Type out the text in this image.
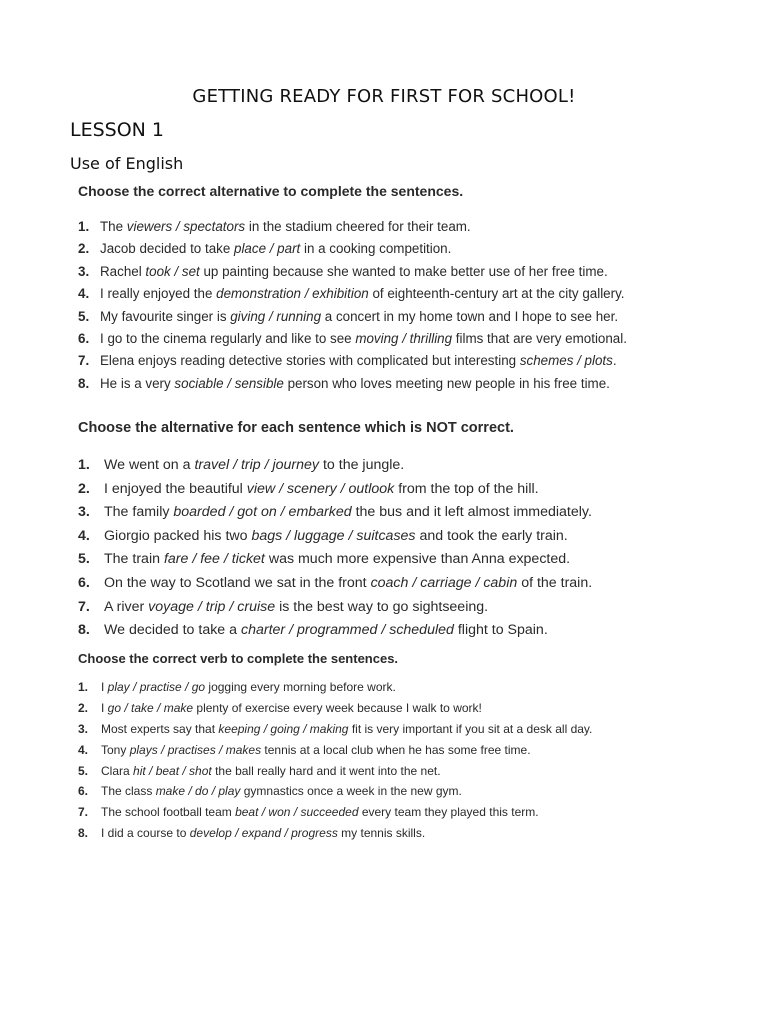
GETTING READY FOR FIRST FOR SCHOOL!
LESSON 1
Use of English
Choose the correct alternative to complete the sentences.
1. The viewers / spectators in the stadium cheered for their team.
2. Jacob decided to take place / part in a cooking competition.
3. Rachel took / set up painting because she wanted to make better use of her free time.
4. I really enjoyed the demonstration / exhibition of eighteenth-century art at the city gallery.
5. My favourite singer is giving / running a concert in my home town and I hope to see her.
6. I go to the cinema regularly and like to see moving / thrilling films that are very emotional.
7. Elena enjoys reading detective stories with complicated but interesting schemes / plots.
8. He is a very sociable / sensible person who loves meeting new people in his free time.
Choose the alternative for each sentence which is NOT correct.
1. We went on a travel / trip / journey to the jungle.
2. I enjoyed the beautiful view / scenery / outlook from the top of the hill.
3. The family boarded / got on / embarked the bus and it left almost immediately.
4. Giorgio packed his two bags / luggage / suitcases and took the early train.
5. The train fare / fee / ticket was much more expensive than Anna expected.
6. On the way to Scotland we sat in the front coach / carriage / cabin of the train.
7. A river voyage / trip / cruise is the best way to go sightseeing.
8. We decided to take a charter / programmed / scheduled flight to Spain.
Choose the correct verb to complete the sentences.
1. I play / practise / go jogging every morning before work.
2. I go / take / make plenty of exercise every week because I walk to work!
3. Most experts say that keeping / going / making fit is very important if you sit at a desk all day.
4. Tony plays / practises / makes tennis at a local club when he has some free time.
5. Clara hit / beat / shot the ball really hard and it went into the net.
6. The class make / do / play gymnastics once a week in the new gym.
7. The school football team beat / won / succeeded every team they played this term.
8. I did a course to develop / expand / progress my tennis skills.
